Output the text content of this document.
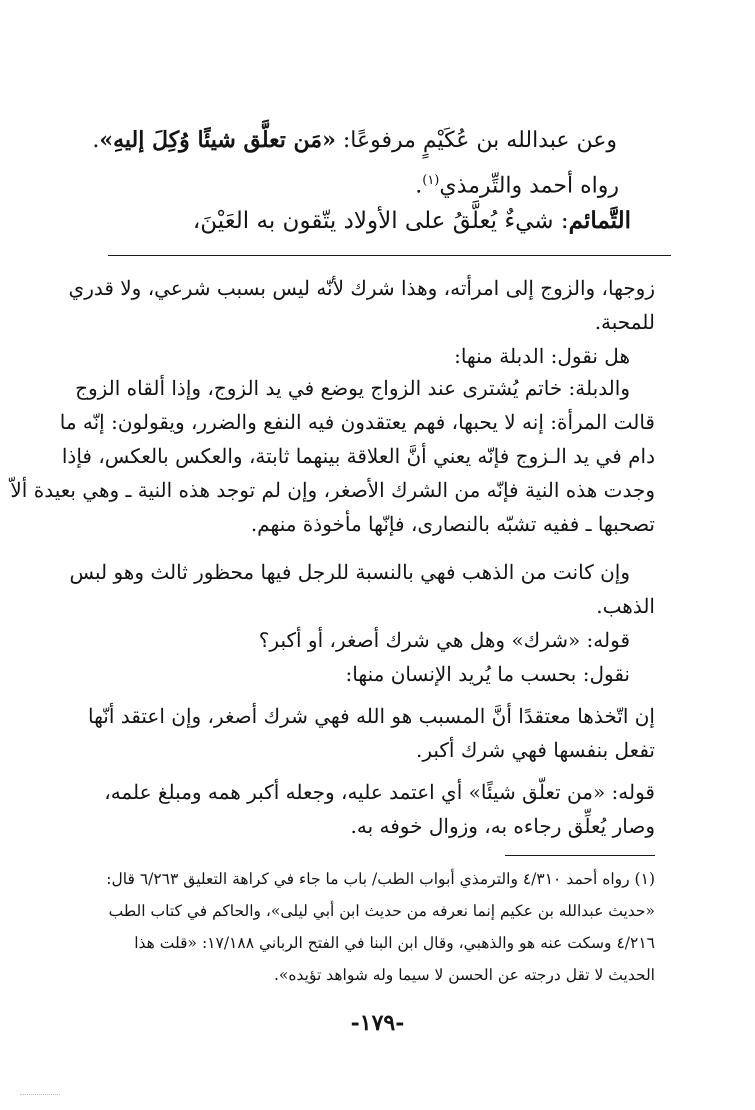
وعن عبدالله بن عُكَيْمٍ مرفوعًا: «مَن تعلَّق شيئًا وُكِلَ إليهِ».
رواه أحمد والتِّرمذي$^{(١)}$.
التَّمائم: شيءٌ يُعلَّقُ على الأولاد يتّقون به العَيْنَ،
زوجها، والزوج إلى امرأته، وهذا شرك لأنّه ليس بسبب شرعي، ولا قدري
للمحبة.
هل نقول: الدبلة منها:
والدبلة: خاتم يُشترى عند الزواج يوضع في يد الزوج، وإذا ألقاه الزوج
قالت المرأة: إنه لا يحبها، فهم يعتقدون فيه النفع والضرر، ويقولون: إنّه ما
دام في يد الـزوج فإنّه يعني أنَّ العلاقة بينهما ثابتة، والعكس بالعكس، فإذا
وجدت هذه النية فإنّه من الشرك الأصغر، وإن لم توجد هذه النية ـ وهي بعيدة ألاّ
تصحبها ـ ففيه تشبّه بالنصارى، فإنّها مأخوذة منهم.
وإن كانت من الذهب فهي بالنسبة للرجل فيها محظور ثالث وهو لبس
الذهب.
قوله: «شرك» وهل هي شرك أصغر، أو أكبر؟
نقول: بحسب ما يُريد الإنسان منها:
إن اتّخذها معتقدًا أنَّ المسبب هو الله فهي شرك أصغر، وإن اعتقد أنّها
تفعل بنفسها فهي شرك أكبر.
قوله: «من تعلّق شيئًا» أي اعتمد عليه، وجعله أكبر همه ومبلغ علمه،
وصار يُعلِّق رجاءه به، وزوال خوفه به.
(١) رواه أحمد ٤/٣١٠ والترمذي أبواب الطب/ باب ما جاء في كراهة التعليق ٦/٢٦٣ قال:
«حديث عبدالله بن عكيم إنما نعرفه من حديث ابن أبي ليلى»، والحاكم في كتاب الطب
٤/٢١٦ وسكت عنه هو والذهبي، وقال ابن البنا في الفتح الرباني ١٧/١٨٨: «قلت هذا
الحديث لا تقل درجته عن الحسن لا سيما وله شواهد تؤيده».
-١٧٩-
